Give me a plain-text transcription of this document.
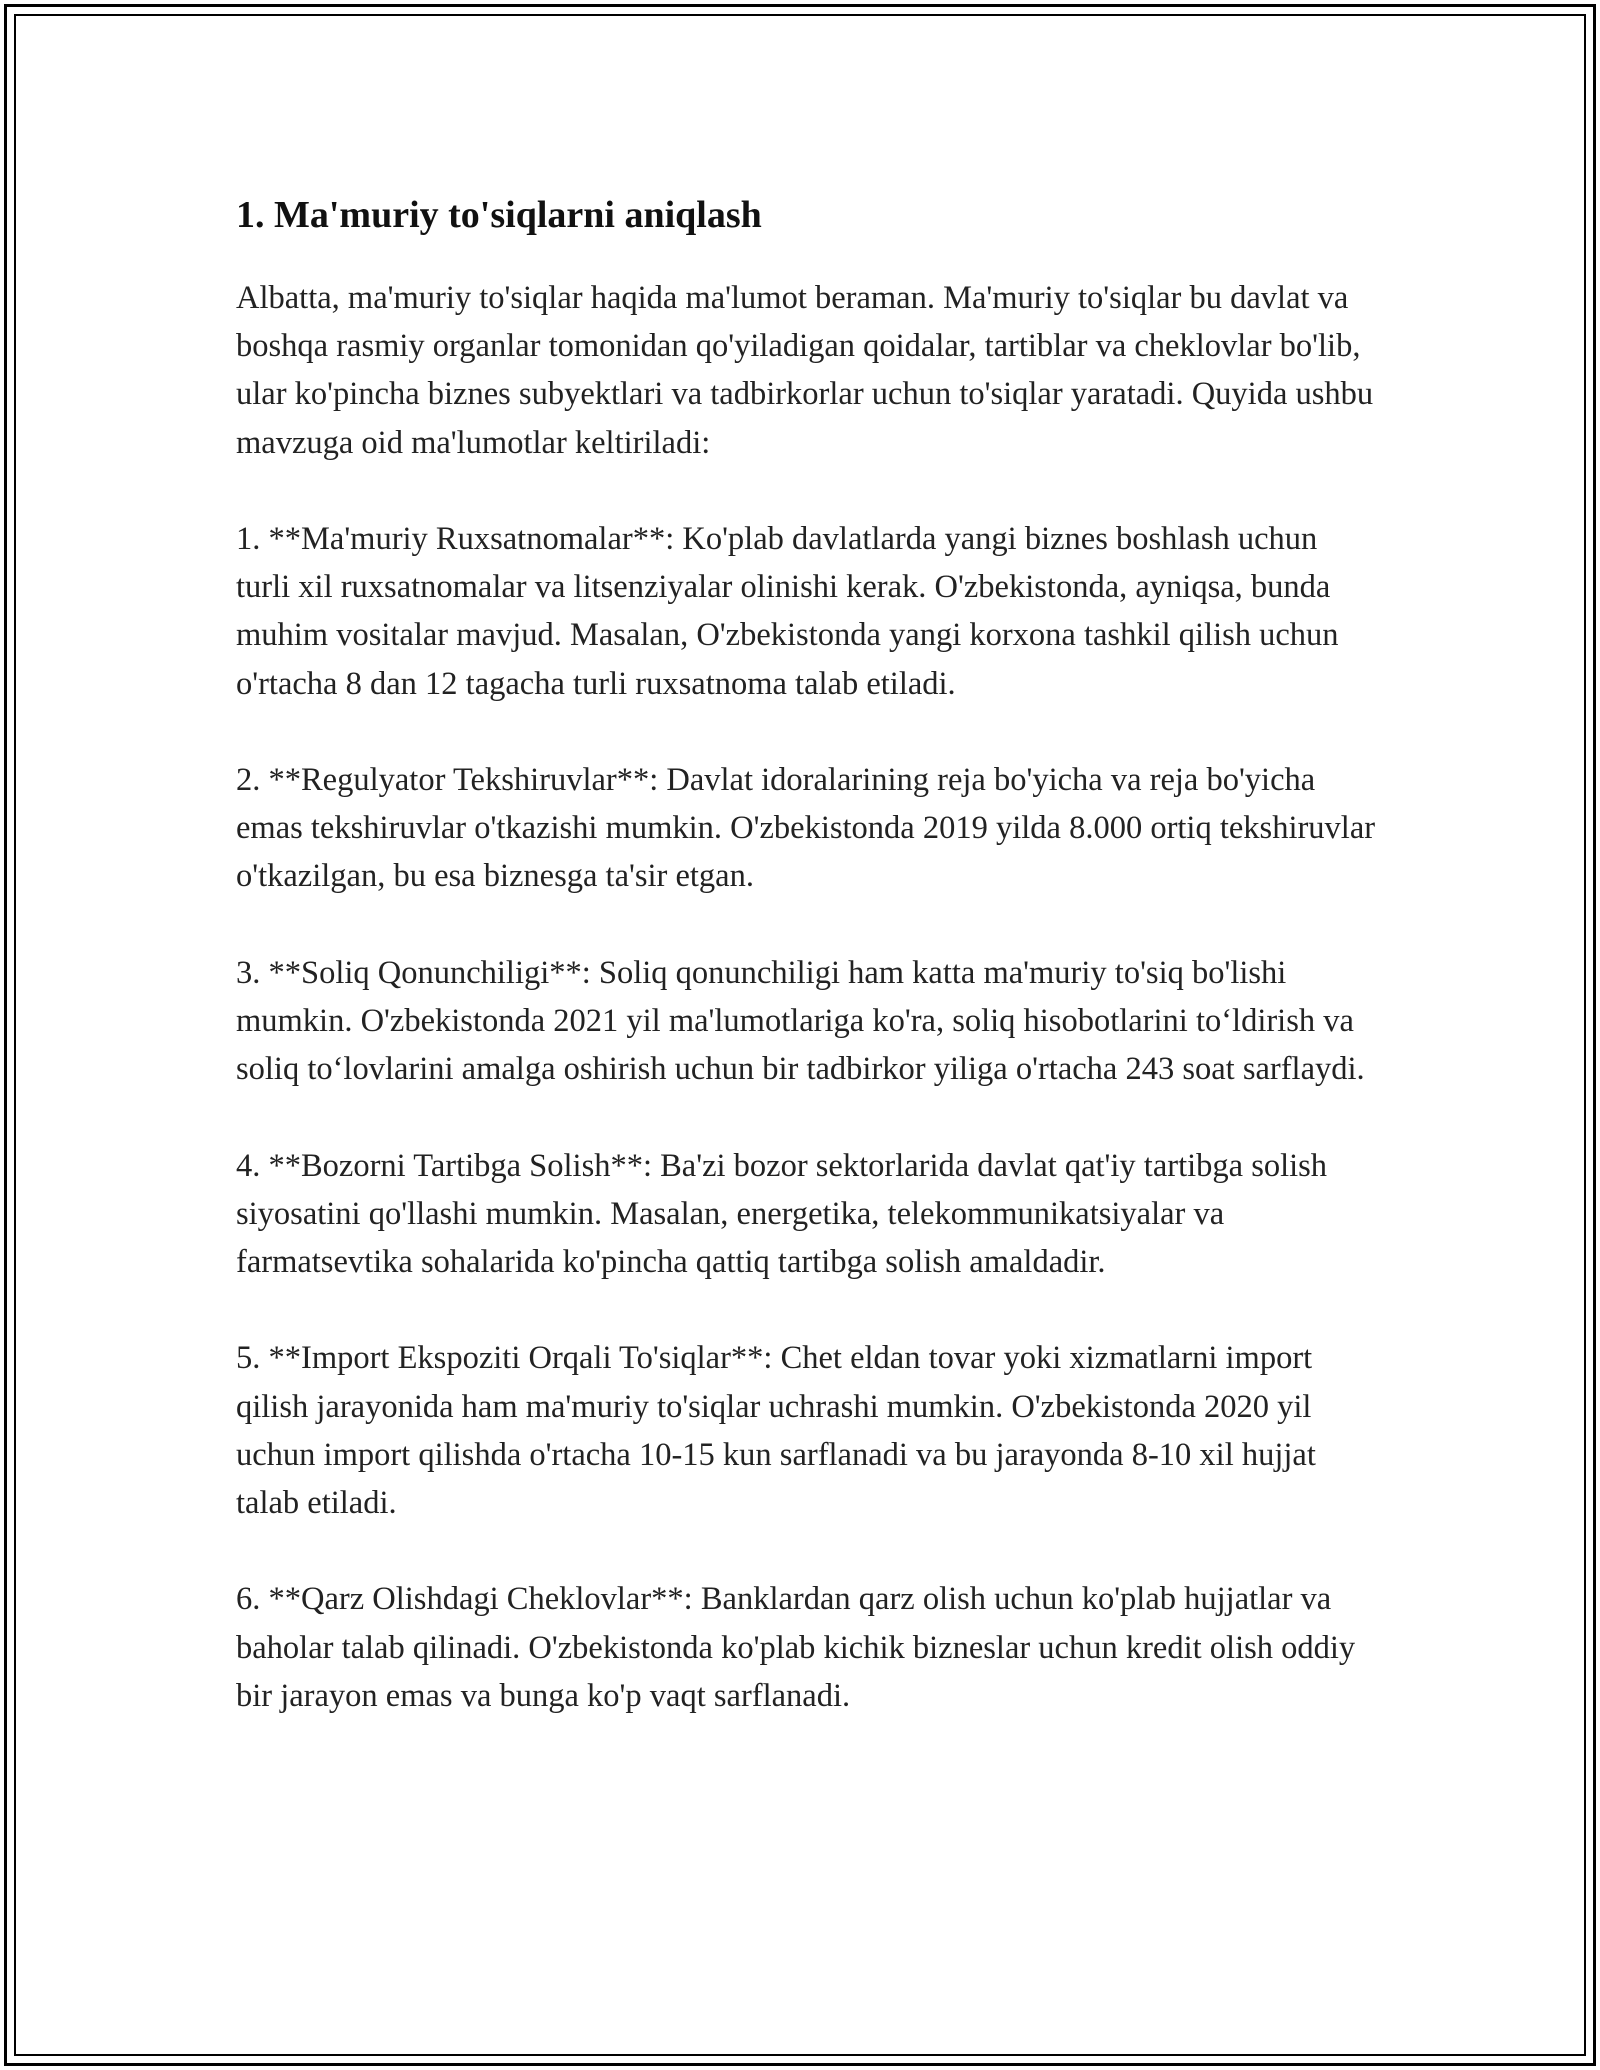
1. Ma'muriy to'siqlarni aniqlash

Albatta, ma'muriy to'siqlar haqida ma'lumot beraman. Ma'muriy to'siqlar bu davlat va boshqa rasmiy organlar tomonidan qo'yiladigan qoidalar, tartiblar va cheklovlar bo'lib, ular ko'pincha biznes subyektlari va tadbirkorlar uchun to'siqlar yaratadi. Quyida ushbu mavzuga oid ma'lumotlar keltiriladi:

1. **Ma'muriy Ruxsatnomalar**: Ko'plab davlatlarda yangi biznes boshlash uchun turli xil ruxsatnomalar va litsenziyalar olinishi kerak. O'zbekistonda, ayniqsa, bunda muhim vositalar mavjud. Masalan, O'zbekistonda yangi korxona tashkil qilish uchun o'rtacha 8 dan 12 tagacha turli ruxsatnoma talab etiladi.

2. **Regulyator Tekshiruvlar**: Davlat idoralarining reja bo'yicha va reja bo'yicha emas tekshiruvlar o'tkazishi mumkin. O'zbekistonda 2019 yilda 8.000 ortiq tekshiruvlar o'tkazilgan, bu esa biznesga ta'sir etgan.

3. **Soliq Qonunchiligi**: Soliq qonunchiligi ham katta ma'muriy to'siq bo'lishi mumkin. O'zbekistonda 2021 yil ma'lumotlariga ko'ra, soliq hisobotlarini to‘ldirish va soliq to‘lovlarini amalga oshirish uchun bir tadbirkor yiliga o'rtacha 243 soat sarflaydi.

4. **Bozorni Tartibga Solish**: Ba'zi bozor sektorlarida davlat qat'iy tartibga solish siyosatini qo'llashi mumkin. Masalan, energetika, telekommunikatsiyalar va farmatsevtika sohalarida ko'pincha qattiq tartibga solish amaldadir.

5. **Import Ekspoziti Orqali To'siqlar**: Chet eldan tovar yoki xizmatlarni import qilish jarayonida ham ma'muriy to'siqlar uchrashi mumkin. O'zbekistonda 2020 yil uchun import qilishda o'rtacha 10-15 kun sarflanadi va bu jarayonda 8-10 xil hujjat talab etiladi.

6. **Qarz Olishdagi Cheklovlar**: Banklardan qarz olish uchun ko'plab hujjatlar va baholar talab qilinadi. O'zbekistonda ko'plab kichik bizneslar uchun kredit olish oddiy bir jarayon emas va bunga ko'p vaqt sarflanadi.
